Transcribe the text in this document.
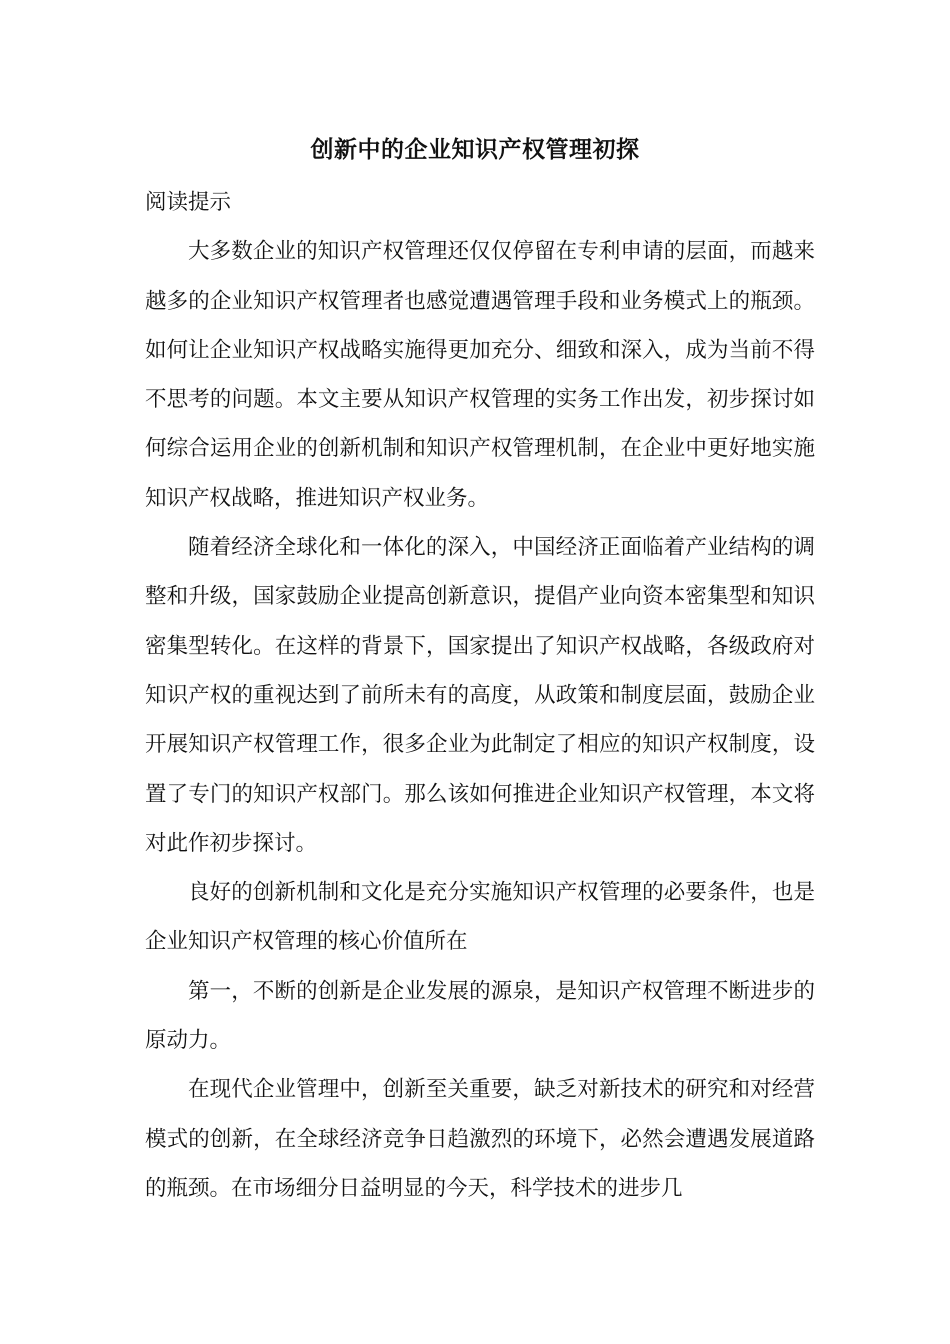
创新中的企业知识产权管理初探

阅读提示

大多数企业的知识产权管理还仅仅停留在专利申请的层面，而越来越多的企业知识产权管理者也感觉遭遇管理手段和业务模式上的瓶颈。如何让企业知识产权战略实施得更加充分、细致和深入，成为当前不得不思考的问题。本文主要从知识产权管理的实务工作出发，初步探讨如何综合运用企业的创新机制和知识产权管理机制，在企业中更好地实施知识产权战略，推进知识产权业务。

随着经济全球化和一体化的深入，中国经济正面临着产业结构的调整和升级，国家鼓励企业提高创新意识，提倡产业向资本密集型和知识密集型转化。在这样的背景下，国家提出了知识产权战略，各级政府对知识产权的重视达到了前所未有的高度，从政策和制度层面，鼓励企业开展知识产权管理工作，很多企业为此制定了相应的知识产权制度，设置了专门的知识产权部门。那么该如何推进企业知识产权管理，本文将对此作初步探讨。

良好的创新机制和文化是充分实施知识产权管理的必要条件，也是企业知识产权管理的核心价值所在

第一，不断的创新是企业发展的源泉，是知识产权管理不断进步的原动力。

在现代企业管理中，创新至关重要，缺乏对新技术的研究和对经营模式的创新，在全球经济竞争日趋激烈的环境下，必然会遭遇发展道路的瓶颈。在市场细分日益明显的今天，科学技术的进步几
